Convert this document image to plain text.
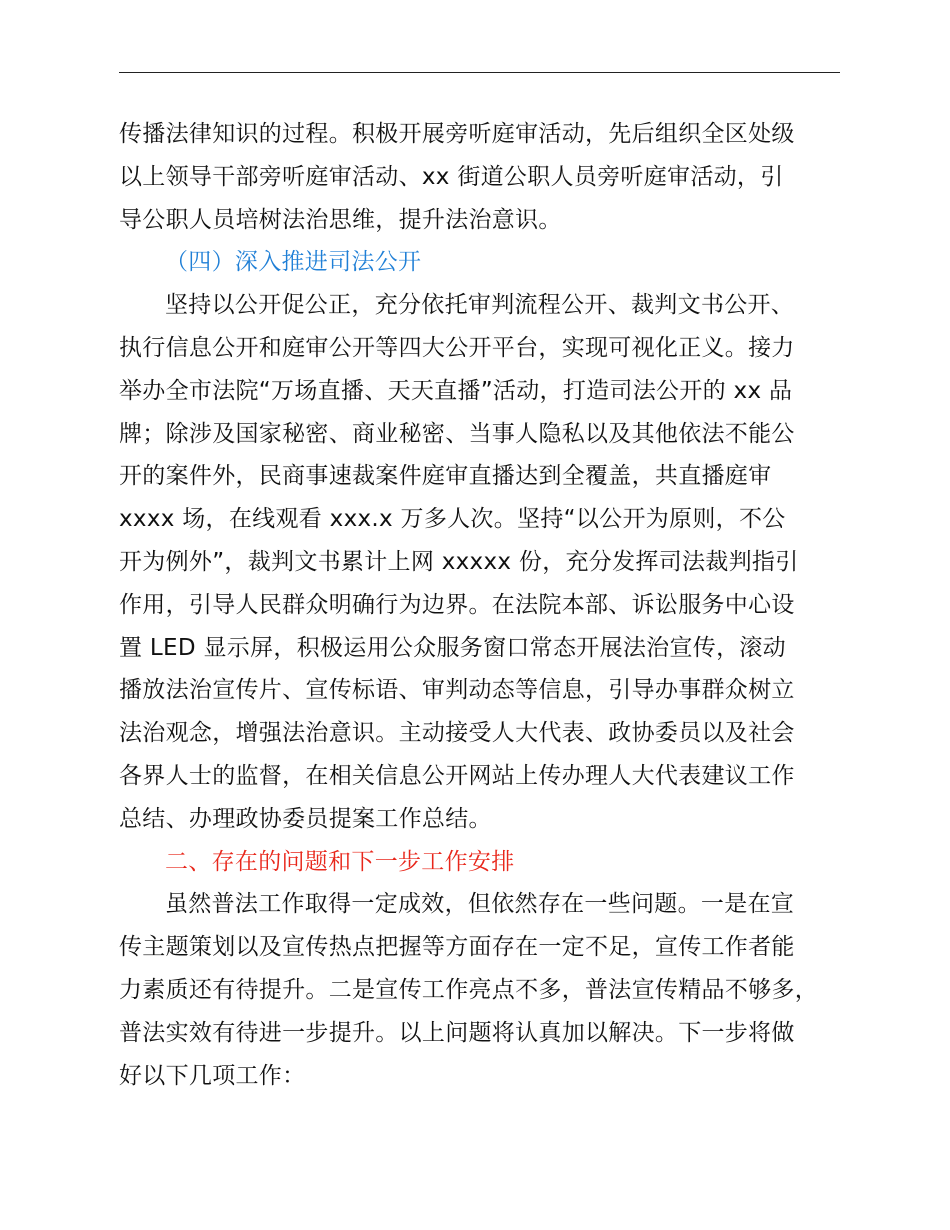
传播法律知识的过程。积极开展旁听庭审活动，先后组织全区处级
以上领导干部旁听庭审活动、xx 街道公职人员旁听庭审活动，引
导公职人员培树法治思维，提升法治意识。
（四）深入推进司法公开
坚持以公开促公正，充分依托审判流程公开、裁判文书公开、
执行信息公开和庭审公开等四大公开平台，实现可视化正义。接力
举办全市法院“万场直播、天天直播”活动，打造司法公开的 xx 品
牌；除涉及国家秘密、商业秘密、当事人隐私以及其他依法不能公
开的案件外，民商事速裁案件庭审直播达到全覆盖，共直播庭审
xxxx 场，在线观看 xxx.x 万多人次。坚持“以公开为原则，不公
开为例外”，裁判文书累计上网 xxxxx 份，充分发挥司法裁判指引
作用，引导人民群众明确行为边界。在法院本部、诉讼服务中心设
置 LED 显示屏，积极运用公众服务窗口常态开展法治宣传，滚动
播放法治宣传片、宣传标语、审判动态等信息，引导办事群众树立
法治观念，增强法治意识。主动接受人大代表、政协委员以及社会
各界人士的监督，在相关信息公开网站上传办理人大代表建议工作
总结、办理政协委员提案工作总结。
二、存在的问题和下一步工作安排
虽然普法工作取得一定成效，但依然存在一些问题。一是在宣
传主题策划以及宣传热点把握等方面存在一定不足，宣传工作者能
力素质还有待提升。二是宣传工作亮点不多，普法宣传精品不够多，
普法实效有待进一步提升。以上问题将认真加以解决。下一步将做
好以下几项工作：
